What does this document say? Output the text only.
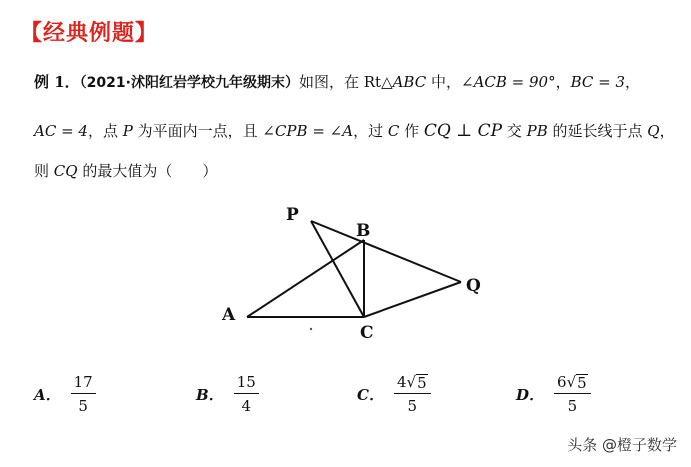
【经典例题】
例 1．（2021·沭阳红岩学校九年级期末）如图，在 Rt△ABC 中，∠ACB = 90°，BC = 3，
AC = 4，点 P 为平面内一点，且 ∠CPB = ∠A，过 C 作 CQ ⊥ CP 交 PB 的延长线于点 Q，
则 CQ 的最大值为（　　）
P
B
Q
A
C
A． $\frac{17}{5}$	B． $\frac{15}{4}$	C． $\frac{4 √ 5}{5}$	D． $\frac{6 √ 5}{5}$
头条 @橙子数学
